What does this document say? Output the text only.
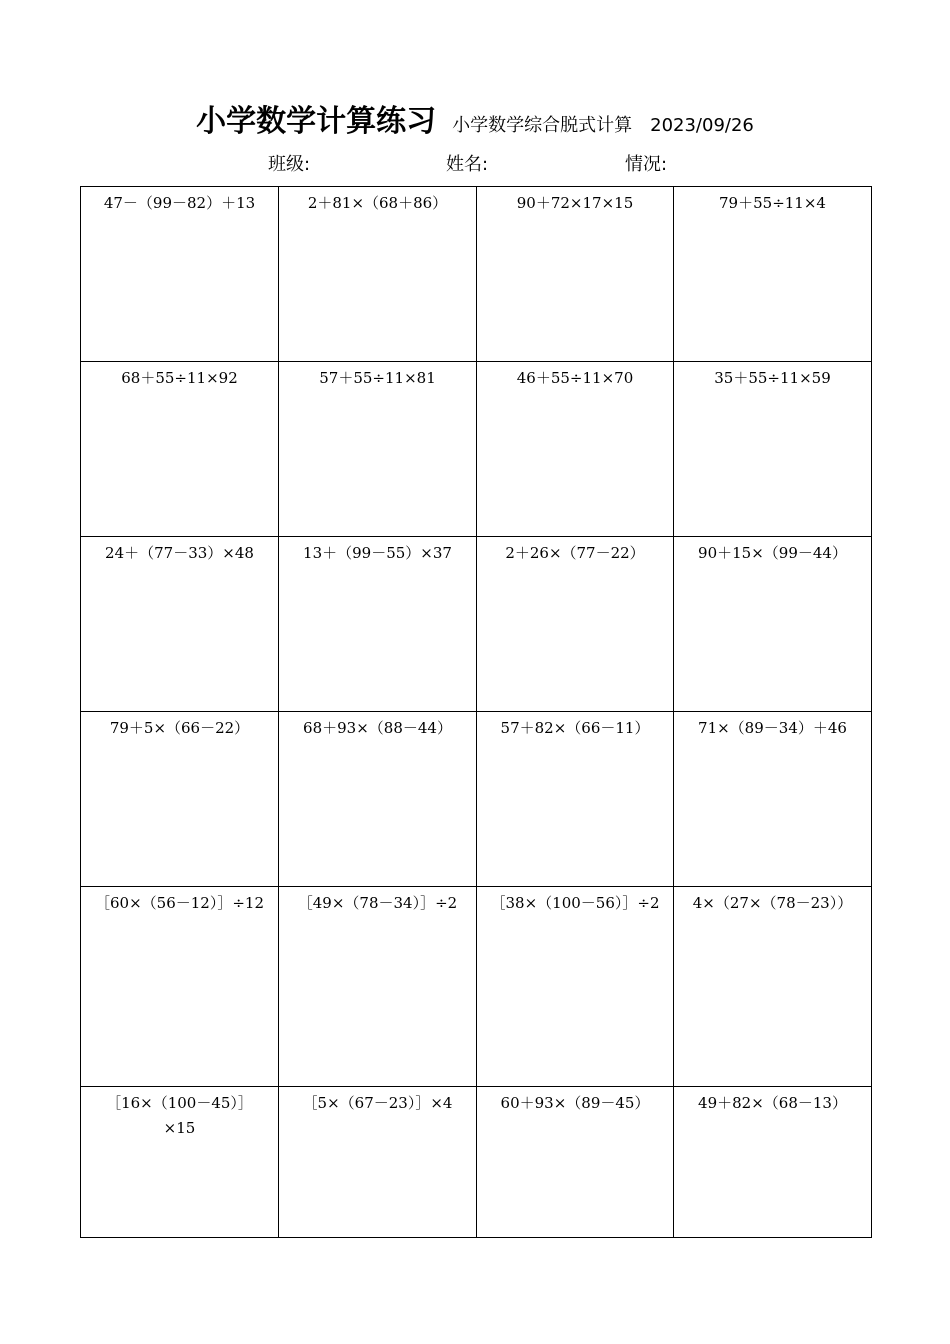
小学数学计算练习 小学数学综合脱式计算 2023/09/26
班级:	姓名:	情况:
47－（99－82）＋13	2＋81×（68＋86）	90＋72×17×15	79＋55÷11×4
68＋55÷11×92	57＋55÷11×81	46＋55÷11×70	35＋55÷11×59
24＋（77－33）×48	13＋（99－55）×37	2＋26×（77－22）	90＋15×（99－44）
79＋5×（66－22）	68＋93×（88－44）	57＋82×（66－11）	71×（89－34）＋46
［60×（56－12）］÷12	［49×（78－34）］÷2	［38×（100－56）］÷2	4×（27×（78－23））
［16×（100－45）］×15	［5×（67－23）］×4	60＋93×（89－45）	49＋82×（68－13）
